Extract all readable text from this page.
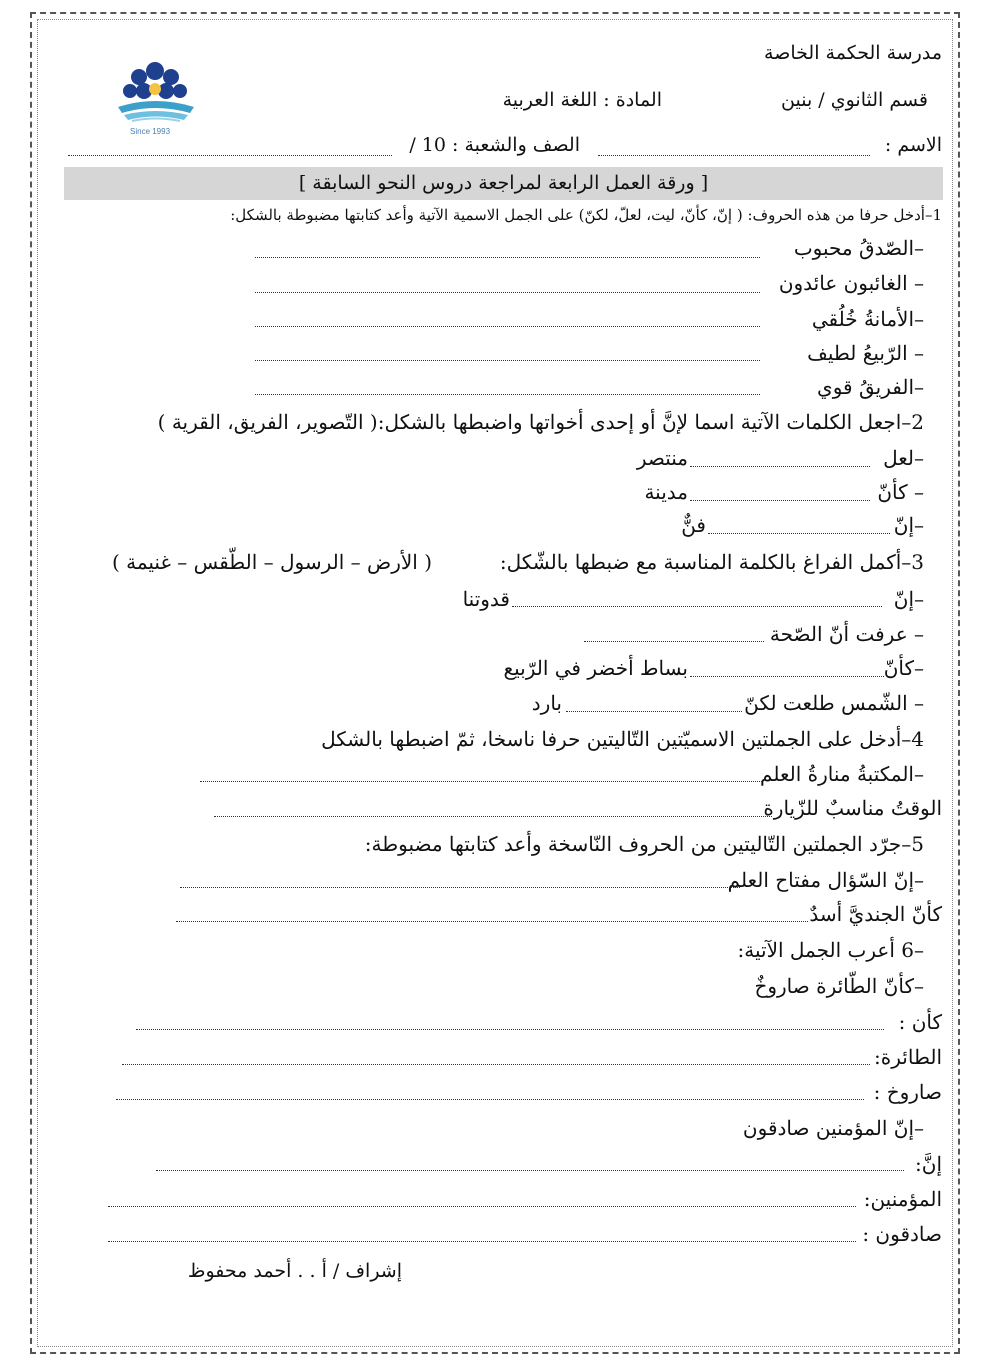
مدرسة الحكمة الخاصة
قسم الثانوي / بنين
المادة : اللغة العربية
Since 1993
الاسم :
الصف والشعبة : 10 /
[ ورقة العمل الرابعة لمراجعة دروس النحو السابقة ]
1–أدخل حرفا من هذه الحروف: ( إنّ، كأنّ، ليت، لعلّ، لكنّ) على الجمل الاسمية الآتية وأعد كتابتها مضبوطة بالشكل:
–الصّدقُ محبوب
– الغائبون عائدون
–الأمانةُ خُلُقي
– الرّبيعُ لطيف
–الفريقُ قوي
2–اجعل الكلمات الآتية اسما لإنَّ أو إحدى أخواتها واضبطها بالشكل:( التّصوير، الفريق، القرية )
–لعل
منتصر
– كأنّ
مدينة
–إنّ
فنٌّ
3–أكمل الفراغ بالكلمة المناسبة مع ضبطها بالشّكل:
( الأرض – الرسول – الطّقس – غنيمة )
–إنّ
قدوتنا
– عرفت أنّ الصّحة
–كأنّ
بساط أخضر في الرّبيع
– الشّمس طلعت لكنّ
بارد
4–أدخل على الجملتين الاسميّتين التّاليتين حرفا ناسخا، ثمّ اضبطها بالشكل
–المكتبةُ منارةُ العلم
الوقتُ مناسبٌ للزّيارة
5–جرّد الجملتين التّاليتين من الحروف النّاسخة وأعد كتابتها مضبوطة:
–إنّ السّؤال مفتاح العلم
كأنّ الجنديَّ أسدٌ
–6 أعرب الجمل الآتية:
–كأنّ الطّائرة صاروخٌ
كأن :
الطائرة:
صاروخ :
–إنّ المؤمنين صادقون
إنَّ:
المؤمنين:
صادقون :
إشراف / أ . . أحمد محفوظ
